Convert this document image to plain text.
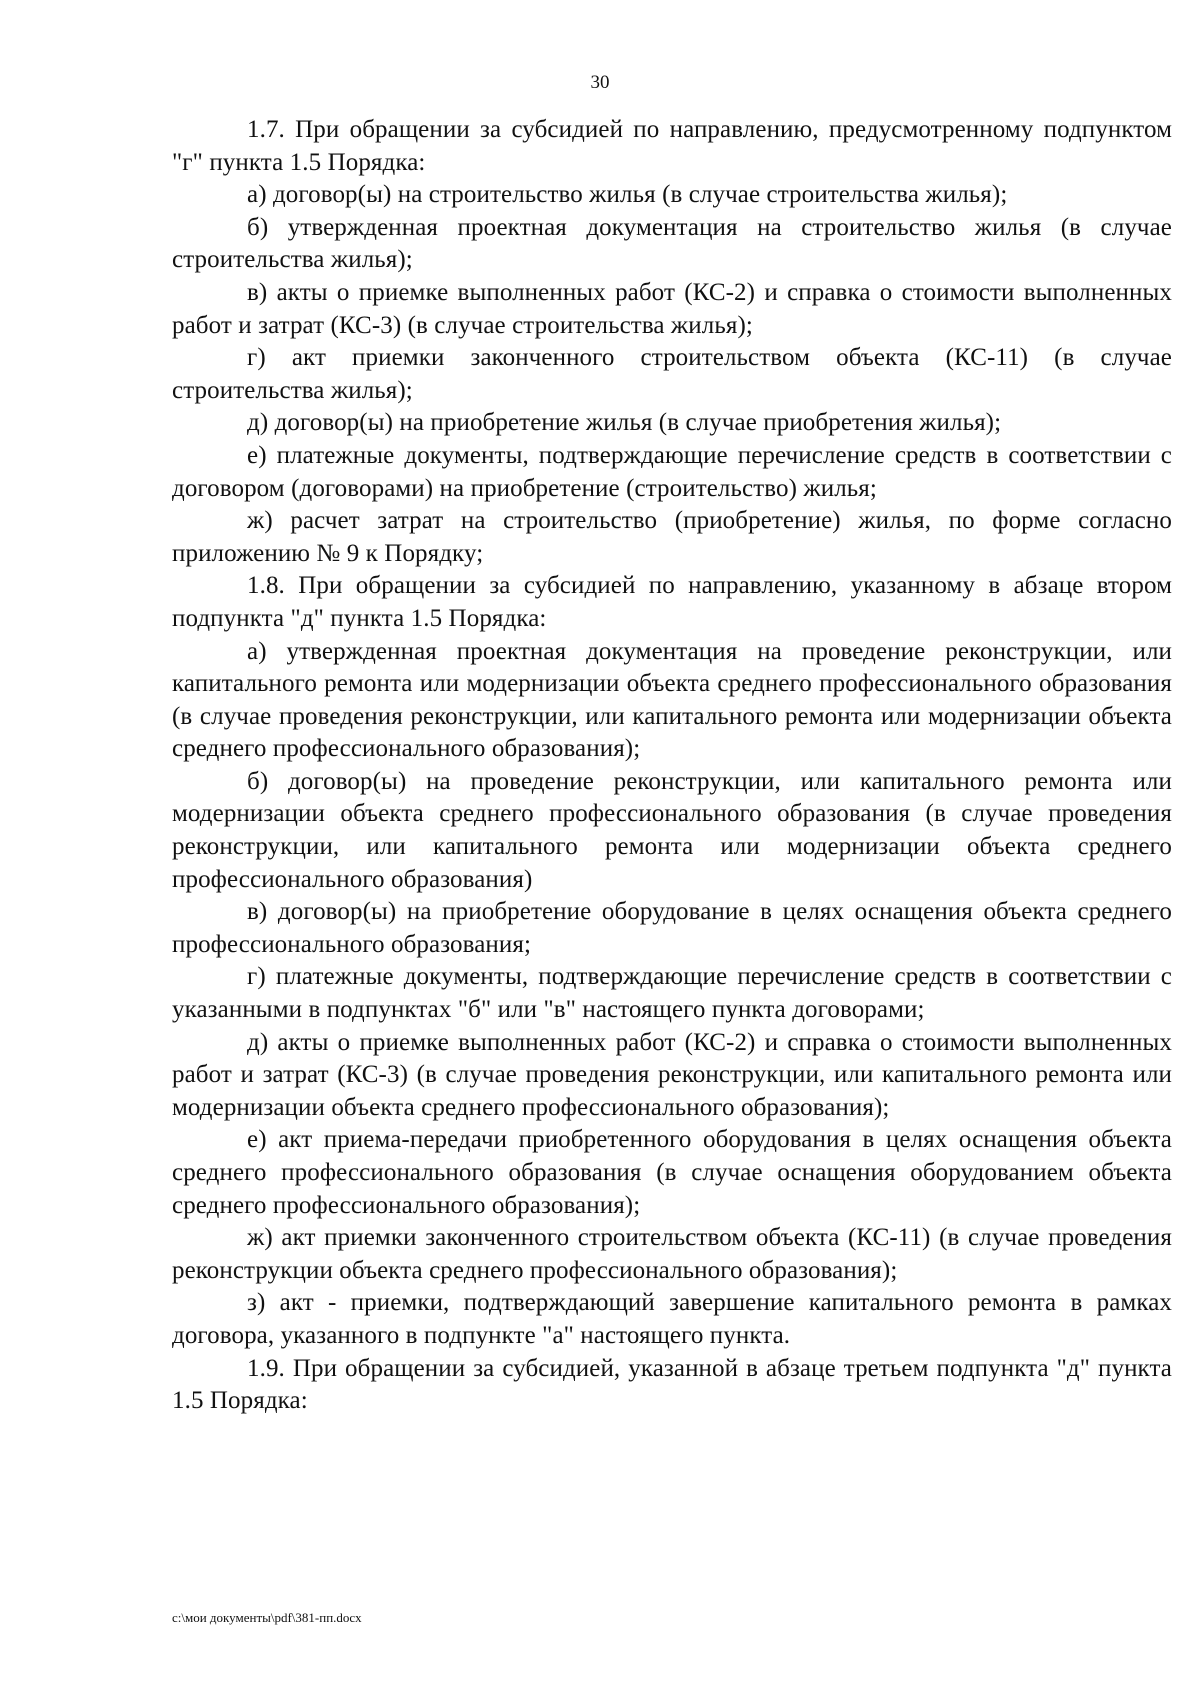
30

1.7. При обращении за субсидией по направлению, предусмотренному подпунктом "г" пункта 1.5 Порядка:

а) договор(ы) на строительство жилья (в случае строительства жилья);

б) утвержденная проектная документация на строительство жилья (в случае строительства жилья);

в) акты о приемке выполненных работ (КС-2) и справка о стоимости выполненных работ и затрат (КС-3) (в случае строительства жилья);

г) акт приемки законченного строительством объекта (КС-11) (в случае строительства жилья);

д) договор(ы) на приобретение жилья (в случае приобретения жилья);

е) платежные документы, подтверждающие перечисление средств в соответствии с договором (договорами) на приобретение (строительство) жилья;

ж) расчет затрат на строительство (приобретение) жилья, по форме согласно приложению № 9 к Порядку;

1.8. При обращении за субсидией по направлению, указанному в абзаце втором подпункта "д" пункта 1.5 Порядка:

а) утвержденная проектная документация на проведение реконструкции, или капитального ремонта или модернизации объекта среднего профессионального образования (в случае проведения реконструкции, или капитального ремонта или модернизации объекта среднего профессионального образования);

б) договор(ы) на проведение реконструкции, или капитального ремонта или модернизации объекта среднего профессионального образования (в случае проведения реконструкции, или капитального ремонта или модернизации объекта среднего профессионального образования)

в) договор(ы) на приобретение оборудование в целях оснащения объекта среднего профессионального образования;

г) платежные документы, подтверждающие перечисление средств в соответствии с указанными в подпунктах "б" или "в" настоящего пункта договорами;

д) акты о приемке выполненных работ (КС-2) и справка о стоимости выполненных работ и затрат (КС-3) (в случае проведения реконструкции, или капитального ремонта или модернизации объекта среднего профессионального образования);

е) акт приема-передачи приобретенного оборудования в целях оснащения объекта среднего профессионального образования (в случае оснащения оборудованием объекта среднего профессионального образования);

ж) акт приемки законченного строительством объекта (КС-11) (в случае проведения реконструкции объекта среднего профессионального образования);

з) акт - приемки, подтверждающий завершение капитального ремонта в рамках договора, указанного в подпункте "а" настоящего пункта.

1.9. При обращении за субсидией, указанной в абзаце третьем подпункта "д" пункта 1.5 Порядка:

c:\мои документы\pdf\381-пп.docx
